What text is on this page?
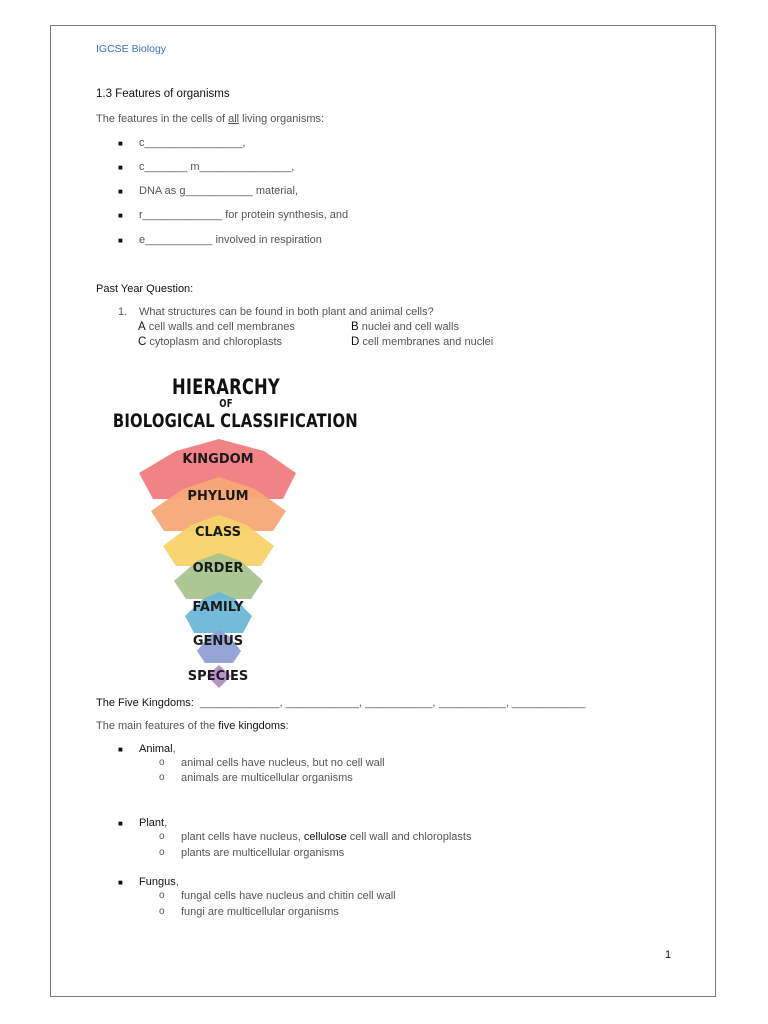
IGCSE Biology
1.3 Features of organisms
The features in the cells of all living organisms:
■ c________________,
■ c_______ m_______________,
■ DNA as g___________ material,
■ r_____________ for protein synthesis, and
■ e___________ involved in respiration
Past Year Question:
1. What structures can be found in both plant and animal cells?
A cell walls and cell membranes	B nuclei and cell walls
C cytoplasm and chloroplasts	D cell membranes and nuclei
HIERARCHY
OF
BIOLOGICAL CLASSIFICATION
KINGDOM
PHYLUM
CLASS
ORDER
FAMILY
GENUS
SPECIES
The Five Kingdoms: _____________, ____________, ___________, ___________, ____________
The main features of the five kingdoms:
■ Animal,
o animal cells have nucleus, but no cell wall
o animals are multicellular organisms
■ Plant,
o plant cells have nucleus, cellulose cell wall and chloroplasts
o plants are multicellular organisms
■ Fungus,
o fungal cells have nucleus and chitin cell wall
o fungi are multicellular organisms
1
